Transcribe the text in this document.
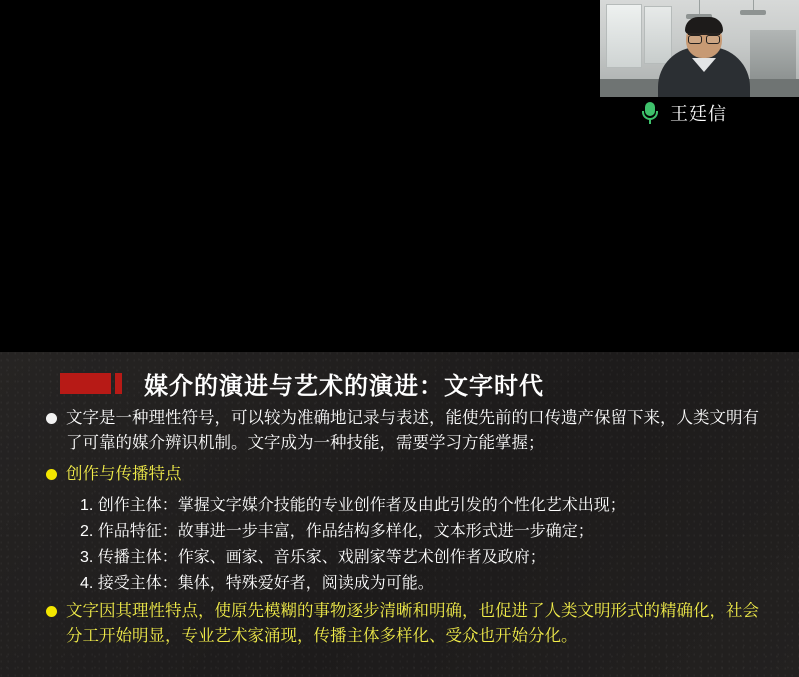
王廷信
媒介的演进与艺术的演进：文字时代
文字是一种理性符号，可以较为准确地记录与表述，能使先前的口传遗产保留下来，人类文明有了可靠的媒介辨识机制。文字成为一种技能，需要学习方能掌握；
创作与传播特点
1. 创作主体：掌握文字媒介技能的专业创作者及由此引发的个性化艺术出现；
2. 作品特征：故事进一步丰富，作品结构多样化，文本形式进一步确定；
3. 传播主体：作家、画家、音乐家、戏剧家等艺术创作者及政府；
4. 接受主体：集体，特殊爱好者，阅读成为可能。
文字因其理性特点，使原先模糊的事物逐步清晰和明确，也促进了人类文明形式的精确化，社会分工开始明显，专业艺术家涌现，传播主体多样化、受众也开始分化。
